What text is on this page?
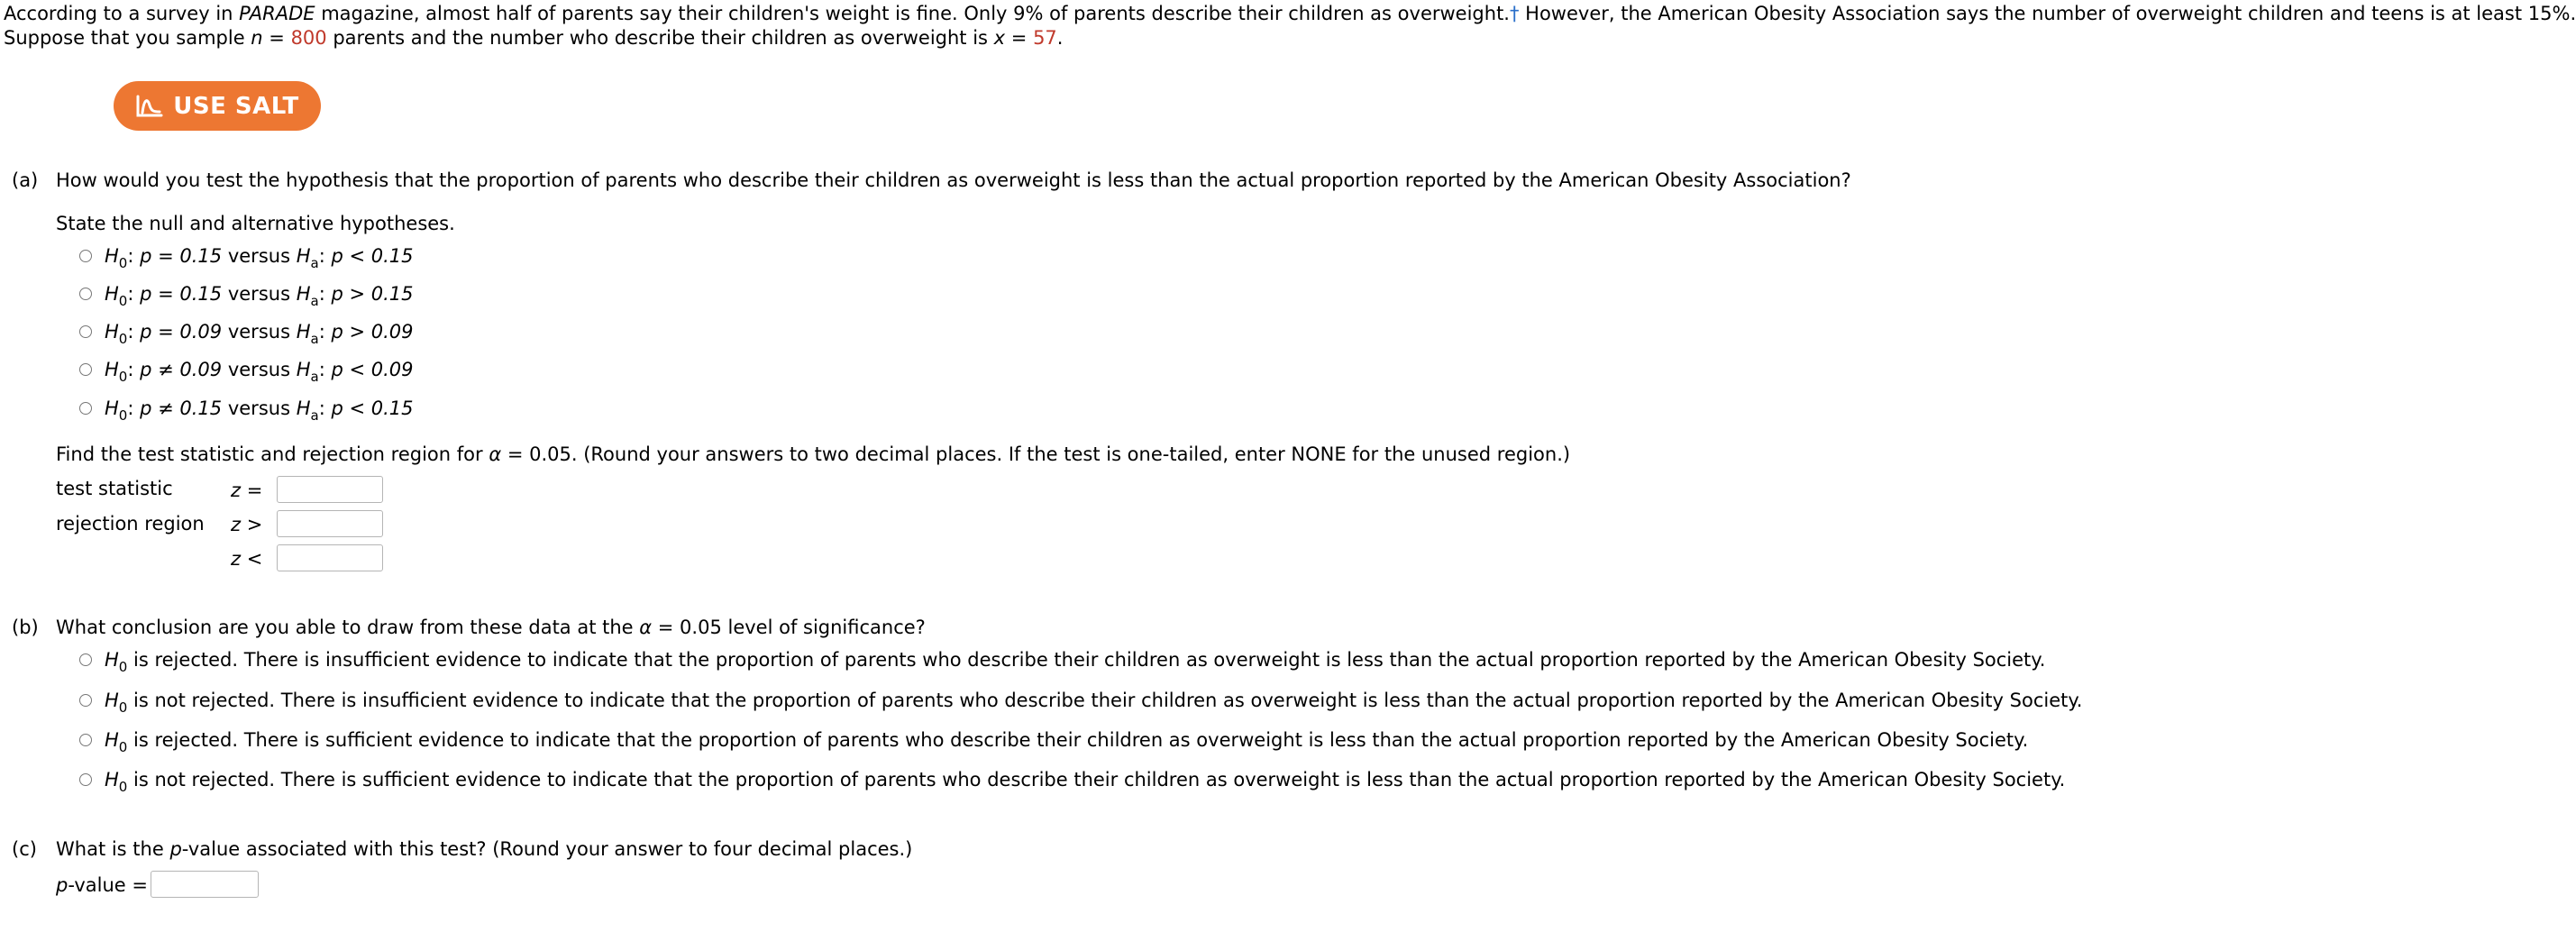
According to a survey in PARADE magazine, almost half of parents say their children's weight is fine. Only 9% of parents describe their children as overweight.† However, the American Obesity Association says the number of overweight children and teens is at least 15%.
Suppose that you sample n = 800 parents and the number who describe their children as overweight is x = 57.
USE SALT
(a) How would you test the hypothesis that the proportion of parents who describe their children as overweight is less than the actual proportion reported by the American Obesity Association?
State the null and alternative hypotheses.
$H_0$: p = 0.15 versus $H_a$: p < 0.15
$H_0$: p = 0.15 versus $H_a$: p > 0.15
$H_0$: p = 0.09 versus $H_a$: p > 0.09
$H_0$: p ≠ 0.09 versus $H_a$: p < 0.09
$H_0$: p ≠ 0.15 versus $H_a$: p < 0.15
Find the test statistic and rejection region for α = 0.05. (Round your answers to two decimal places. If the test is one-tailed, enter NONE for the unused region.)
test statistic
rejection region
z =
z >
z <
(b) What conclusion are you able to draw from these data at the α = 0.05 level of significance?
$H_0$ is rejected. There is insufficient evidence to indicate that the proportion of parents who describe their children as overweight is less than the actual proportion reported by the American Obesity Society.
$H_0$ is not rejected. There is insufficient evidence to indicate that the proportion of parents who describe their children as overweight is less than the actual proportion reported by the American Obesity Society.
$H_0$ is rejected. There is sufficient evidence to indicate that the proportion of parents who describe their children as overweight is less than the actual proportion reported by the American Obesity Society.
$H_0$ is not rejected. There is sufficient evidence to indicate that the proportion of parents who describe their children as overweight is less than the actual proportion reported by the American Obesity Society.
(c) What is the p-value associated with this test? (Round your answer to four decimal places.)
p-value =
